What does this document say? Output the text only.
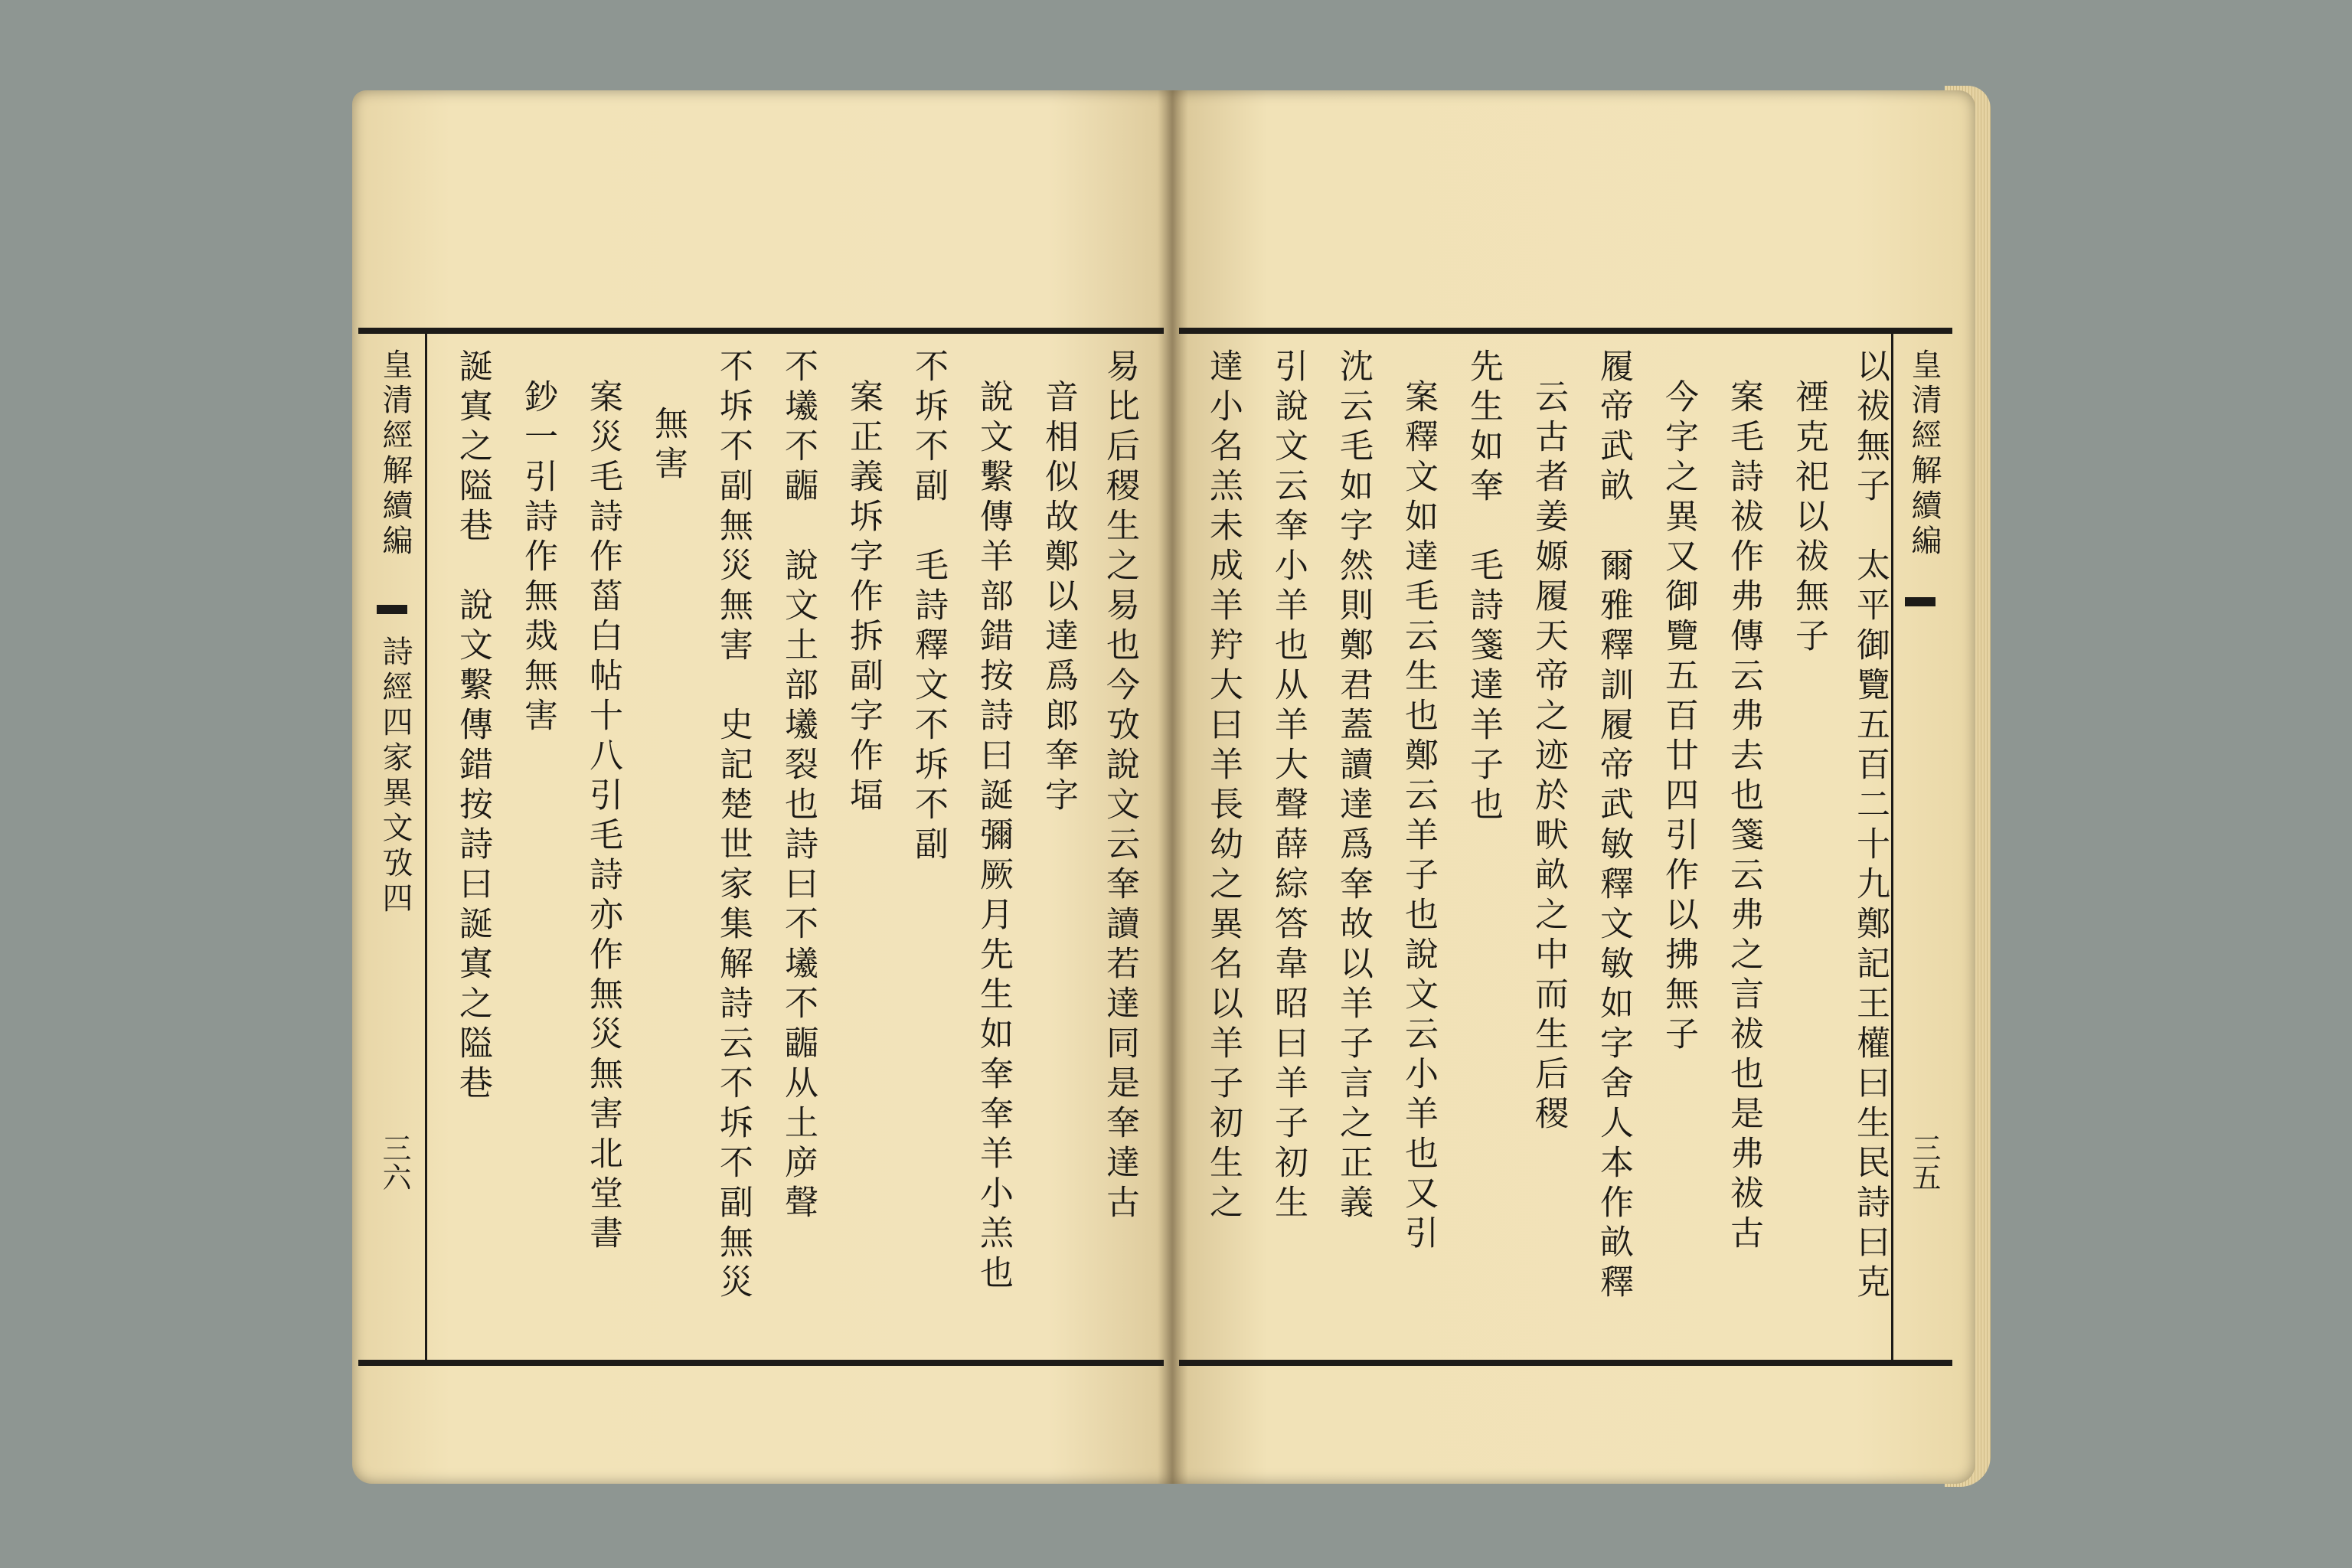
皇清經解續編
詩經四家異文攷四
三六
皇清經解續編
三五
易比后稷生之易也今攷說文云羍讀若達同是羍達古
音相似故鄭以達爲郎羍字
說文繫傳羊部錯按詩曰誕彌厥月先生如羍羍羊小羔也
不坼不副　毛詩釋文不坼不副
案正義坼字作拆副字作堛
不㙿不疈　說文土部㙿裂也詩曰不㙿不疈从土㡿聲
不坼不副無災無害　史記楚世家集解詩云不坼不副無災
無害
案災毛詩作菑白帖十八引毛詩亦作無災無害北堂書
鈔一引詩作無烖無害
誕寘之隘巷　說文繫傳錯按詩曰誕寘之隘巷	以祓無子　太平御覽五百二十九鄭記王權曰生民詩曰克
禋克祀以祓無子
案毛詩祓作弗傳云弗去也箋云弗之言祓也是弗祓古
今字之異又御覽五百廿四引作以拂無子
履帝武畝　爾雅釋訓履帝武敏釋文敏如字舍人本作畝釋
云古者姜嫄履天帝之迹於畎畝之中而生后稷
先生如羍　毛詩箋達羊子也
案釋文如達毛云生也鄭云羊子也說文云小羊也又引
沈云毛如字然則鄭君蓋讀達爲羍故以羊子言之正義
引說文云羍小羊也从羊大聲薛綜答韋昭曰羊子初生
達小名羔未成羊羜大曰羊長幼之異名以羊子初生之
